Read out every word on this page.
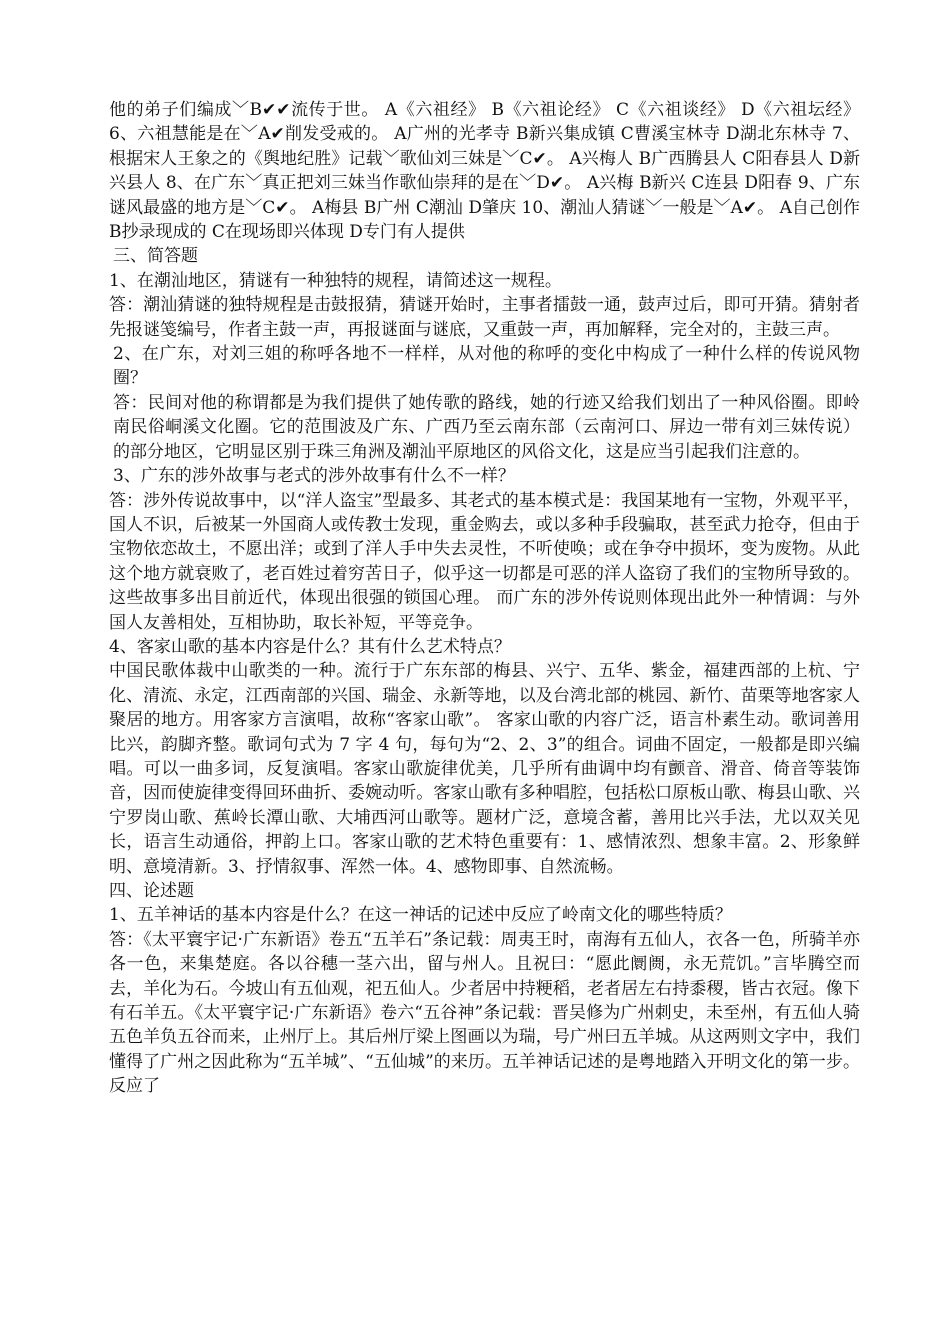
他的弟子们编成﹀B✔✔流传于世。 A《六祖经》 B《六祖论经》 C《六祖谈经》 D《六祖坛经》 6、六祖慧能是在﹀A✔削发受戒的。 A广州的光孝寺 B新兴集成镇 C曹溪宝林寺 D湖北东林寺 7、根据宋人王象之的《舆地纪胜》记载﹀歌仙刘三妹是﹀C✔。 A兴梅人 B广西腾县人 C阳春县人 D新兴县人 8、在广东﹀真正把刘三妹当作歌仙崇拜的是在﹀D✔。 A兴梅 B新兴 C连县 D阳春 9、广东谜风最盛的地方是﹀C✔。 A梅县 B广州 C潮汕 D肇庆 10、潮汕人猜谜﹀一般是﹀A✔。 A自己创作 B抄录现成的 C在现场即兴体现 D专门有人提供

三、简答题

1、在潮汕地区，猜谜有一种独特的规程，请简述这一规程。

答：潮汕猜谜的独特规程是击鼓报猜，猜谜开始时，主事者擂鼓一通，鼓声过后，即可开猜。猜射者先报谜笺编号，作者主鼓一声，再报谜面与谜底，又重鼓一声，再加解释，完全对的，主鼓三声。

2、在广东，对刘三姐的称呼各地不一样样，从对他的称呼的变化中构成了一种什么样的传说风物圈？

答：民间对他的称谓都是为我们提供了她传歌的路线，她的行迹又给我们划出了一种风俗圈。即岭南民俗峒溪文化圈。它的范围波及广东、广西乃至云南东部（云南河口、屏边一带有刘三妹传说）的部分地区，它明显区别于珠三角洲及潮汕平原地区的风俗文化，这是应当引起我们注意的。

3、广东的涉外故事与老式的涉外故事有什么不一样？

答：涉外传说故事中，以“洋人盗宝”型最多、其老式的基本模式是：我国某地有一宝物，外观平平，国人不识，后被某一外国商人或传教士发现，重金购去，或以多种手段骗取，甚至武力抢夺，但由于宝物依恋故土，不愿出洋；或到了洋人手中失去灵性，不听使唤；或在争夺中损坏，变为废物。从此这个地方就衰败了，老百姓过着穷苦日子，似乎这一切都是可恶的洋人盗窃了我们的宝物所导致的。这些故事多出目前近代，体现出很强的锁国心理。 而广东的涉外传说则体现出此外一种情调：与外国人友善相处，互相协助，取长补短，平等竞争。

4、客家山歌的基本内容是什么？其有什么艺术特点？

中国民歌体裁中山歌类的一种。流行于广东东部的梅县、兴宁、五华、紫金，福建西部的上杭、宁化、清流、永定，江西南部的兴国、瑞金、永新等地，以及台湾北部的桃园、新竹、苗栗等地客家人聚居的地方。用客家方言演唱，故称“客家山歌”。 客家山歌的内容广泛，语言朴素生动。歌词善用比兴，韵脚齐整。歌词句式为 7 字 4 句，每句为“2、2、3”的组合。词曲不固定，一般都是即兴编唱。可以一曲多词，反复演唱。客家山歌旋律优美，几乎所有曲调中均有颤音、滑音、倚音等装饰音，因而使旋律变得回环曲折、委婉动听。客家山歌有多种唱腔，包括松口原板山歌、梅县山歌、兴宁罗岗山歌、蕉岭长潭山歌、大埔西河山歌等。题材广泛，意境含蓄，善用比兴手法，尤以双关见长，语言生动通俗，押韵上口。客家山歌的艺术特色重要有：1、感情浓烈、想象丰富。2、形象鲜明、意境清新。3、抒情叙事、浑然一体。4、感物即事、自然流畅。

四、论述题

1、五羊神话的基本内容是什么？在这一神话的记述中反应了岭南文化的哪些特质？

答：《太平寰宇记·广东新语》卷五“五羊石”条记载：周夷王时，南海有五仙人，衣各一色，所骑羊亦各一色，来集楚庭。各以谷穗一茎六出，留与州人。且祝曰：“愿此阛阓，永无荒饥。”言毕腾空而去，羊化为石。今坡山有五仙观，祀五仙人。少者居中持粳稻，老者居左右持黍稷，皆古衣冠。像下有石羊五。《太平寰宇记·广东新语》卷六“五谷神”条记载：晋吴修为广州刺史，未至州，有五仙人骑五色羊负五谷而来，止州厅上。其后州厅梁上图画以为瑞，号广州曰五羊城。从这两则文字中，我们懂得了广州之因此称为“五羊城”、“五仙城”的来历。五羊神话记述的是粤地踏入开明文化的第一步。反应了
